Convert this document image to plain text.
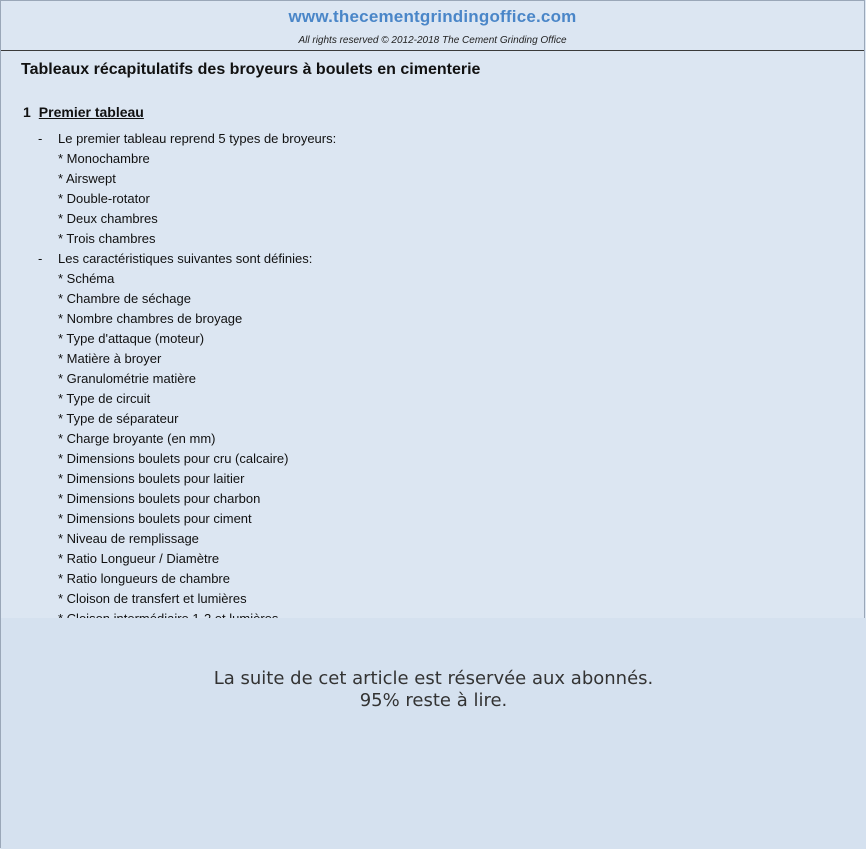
www.thecementgrindingoffice.com
All rights reserved © 2012-2018 The Cement Grinding Office
Tableaux récapitulatifs des broyeurs à boulets en cimenterie
1 Premier tableau
- Le premier tableau reprend 5 types de broyeurs:
* Monochambre
* Airswept
* Double-rotator
* Deux chambres
* Trois chambres
- Les caractéristiques suivantes sont définies:
* Schéma
* Chambre de séchage
* Nombre chambres de broyage
* Type d'attaque (moteur)
* Matière à broyer
* Granulométrie matière
* Type de circuit
* Type de séparateur
* Charge broyante (en mm)
* Dimensions boulets pour cru (calcaire)
* Dimensions boulets pour laitier
* Dimensions boulets pour charbon
* Dimensions boulets pour ciment
* Niveau de remplissage
* Ratio Longueur / Diamètre
* Ratio longueurs de chambre
* Cloison de transfert et lumières
La suite de cet article est réservée aux abonnés.
95% reste à lire.
